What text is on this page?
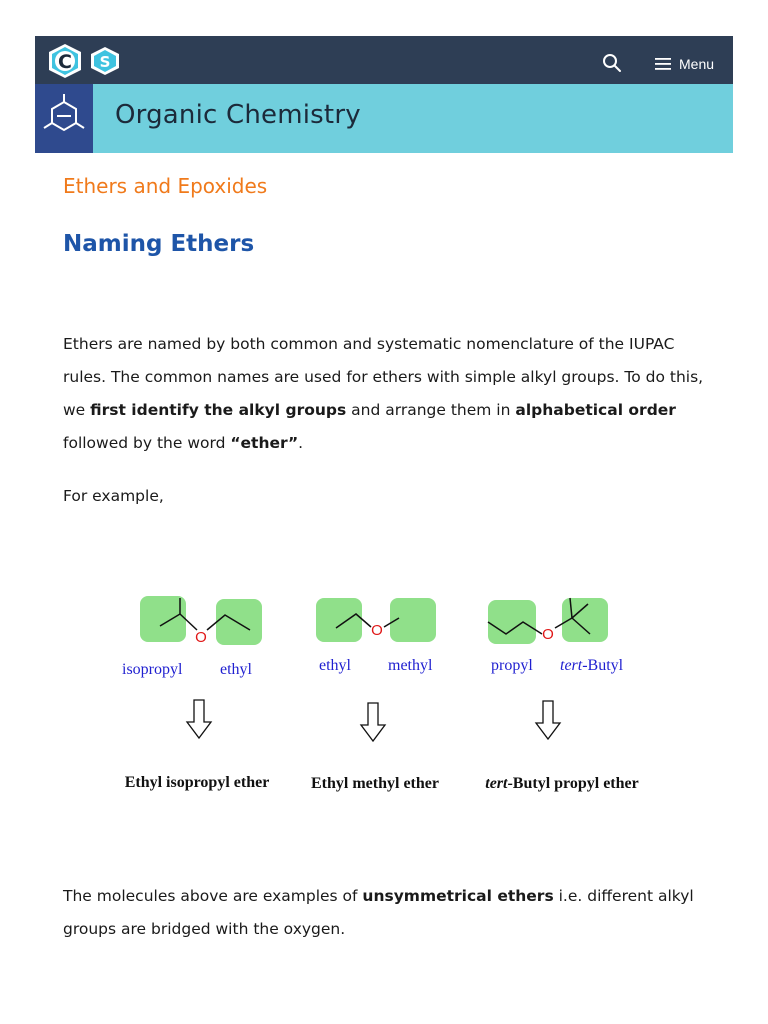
C S	Menu
Organic Chemistry
Ethers and Epoxides
Naming Ethers

Ethers are named by both common and systematic nomenclature of the IUPAC rules. The common names are used for ethers with simple alkyl groups. To do this, we first identify the alkyl groups and arrange them in alphabetical order followed by the word “ether”.

For example,

O
isopropyl ethyl
Ethyl isopropyl ether
O
ethyl methyl
Ethyl methyl ether
O
propyl tert-Butyl
tert-Butyl propyl ether

The molecules above are examples of unsymmetrical ethers i.e. different alkyl groups are bridged with the oxygen.
